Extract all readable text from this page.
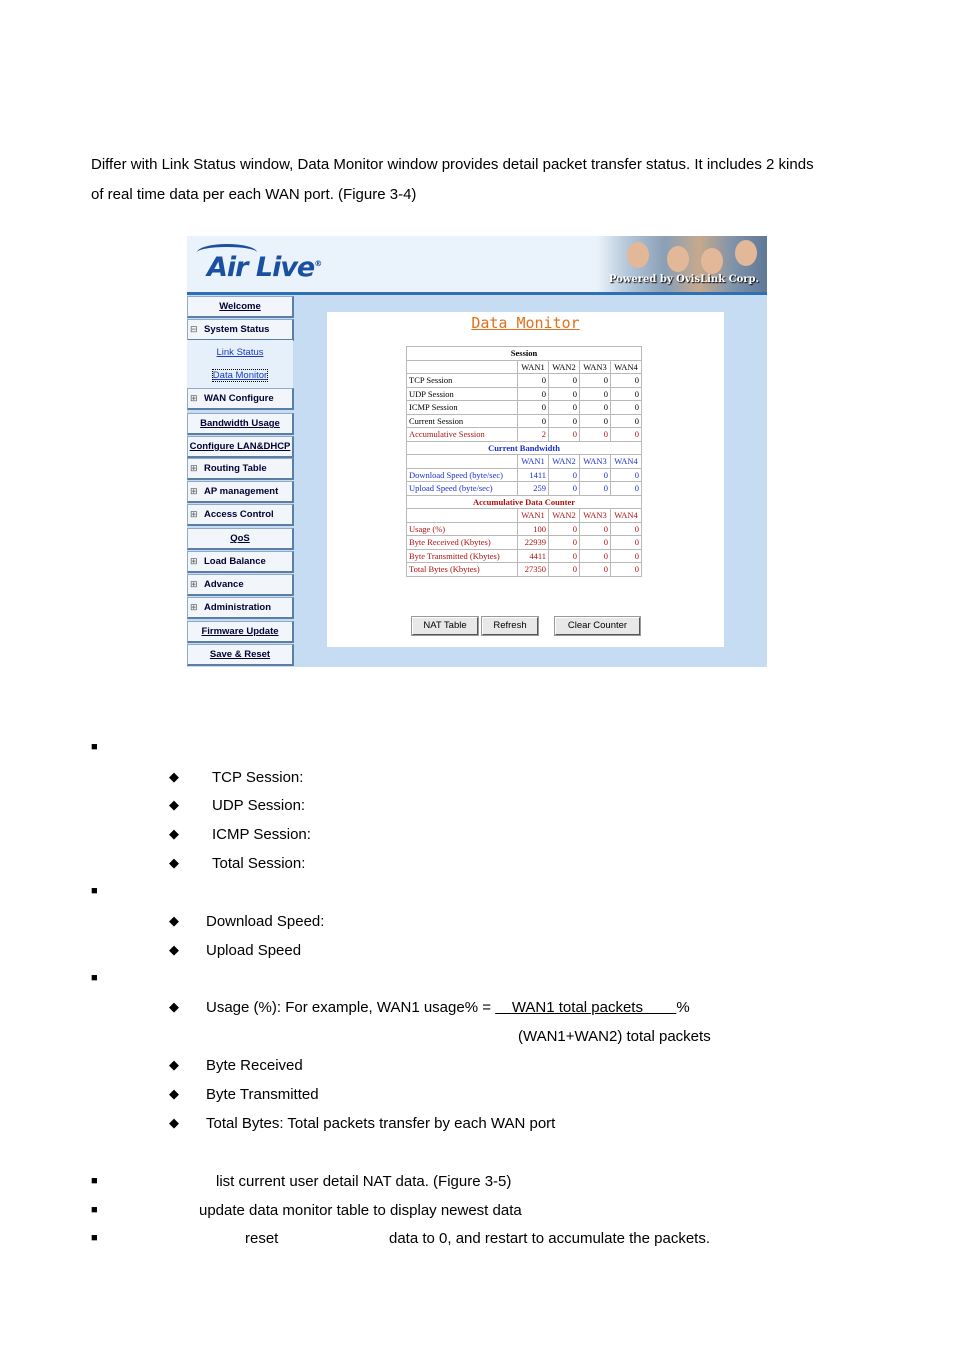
Differ with Link Status window, Data Monitor window provides detail packet transfer status. It includes 2 kinds
of real time data per each WAN port. (Figure 3-4)
Air Live®
Powered by OvisLink Corp.
Welcome
⊟ System Status
Link Status
Data Monitor
⊞ WAN Configure
Bandwidth Usage
Configure LAN&DHCP
⊞ Routing Table
⊞ AP management
⊞ Access Control
QoS
⊞ Load Balance
⊞ Advance
⊞ Administration
Firmware Update
Save & Reset
Data Monitor
Session				
	WAN1	WAN2	WAN3	WAN4
TCP Session	0	0	0	0
UDP Session	0	0	0	0
ICMP Session	0	0	0	0
Current Session	0	0	0	0
Accumulative Session	2	0	0	0
Current Bandwidth				
	WAN1	WAN2	WAN3	WAN4
Download Speed (byte/sec)	1411	0	0	0
Upload Speed (byte/sec)	259	0	0	0
Accumulative Data Counter				
	WAN1	WAN2	WAN3	WAN4
Usage (%)	100	0	0	0
Byte Received (Kbytes)	22939	0	0	0
Byte Transmitted (Kbytes)	4411	0	0	0
Total Bytes (Kbytes)	27350	0	0	0
NAT Table	Refresh	Clear Counter
■
◆ TCP Session:
◆ UDP Session:
◆ ICMP Session:
◆ Total Session:
■
◆ Download Speed:
◆ Upload Speed
■
◆ Usage (%): For example, WAN1 usage% =     WAN1 total packets %
(WAN1+WAN2) total packets
◆ Byte Received
◆ Byte Transmitted
◆ Total Bytes: Total packets transfer by each WAN port
■	list current user detail NAT data. (Figure 3-5)
■	update data monitor table to display newest data
■	reset	data to 0, and restart to accumulate the packets.
